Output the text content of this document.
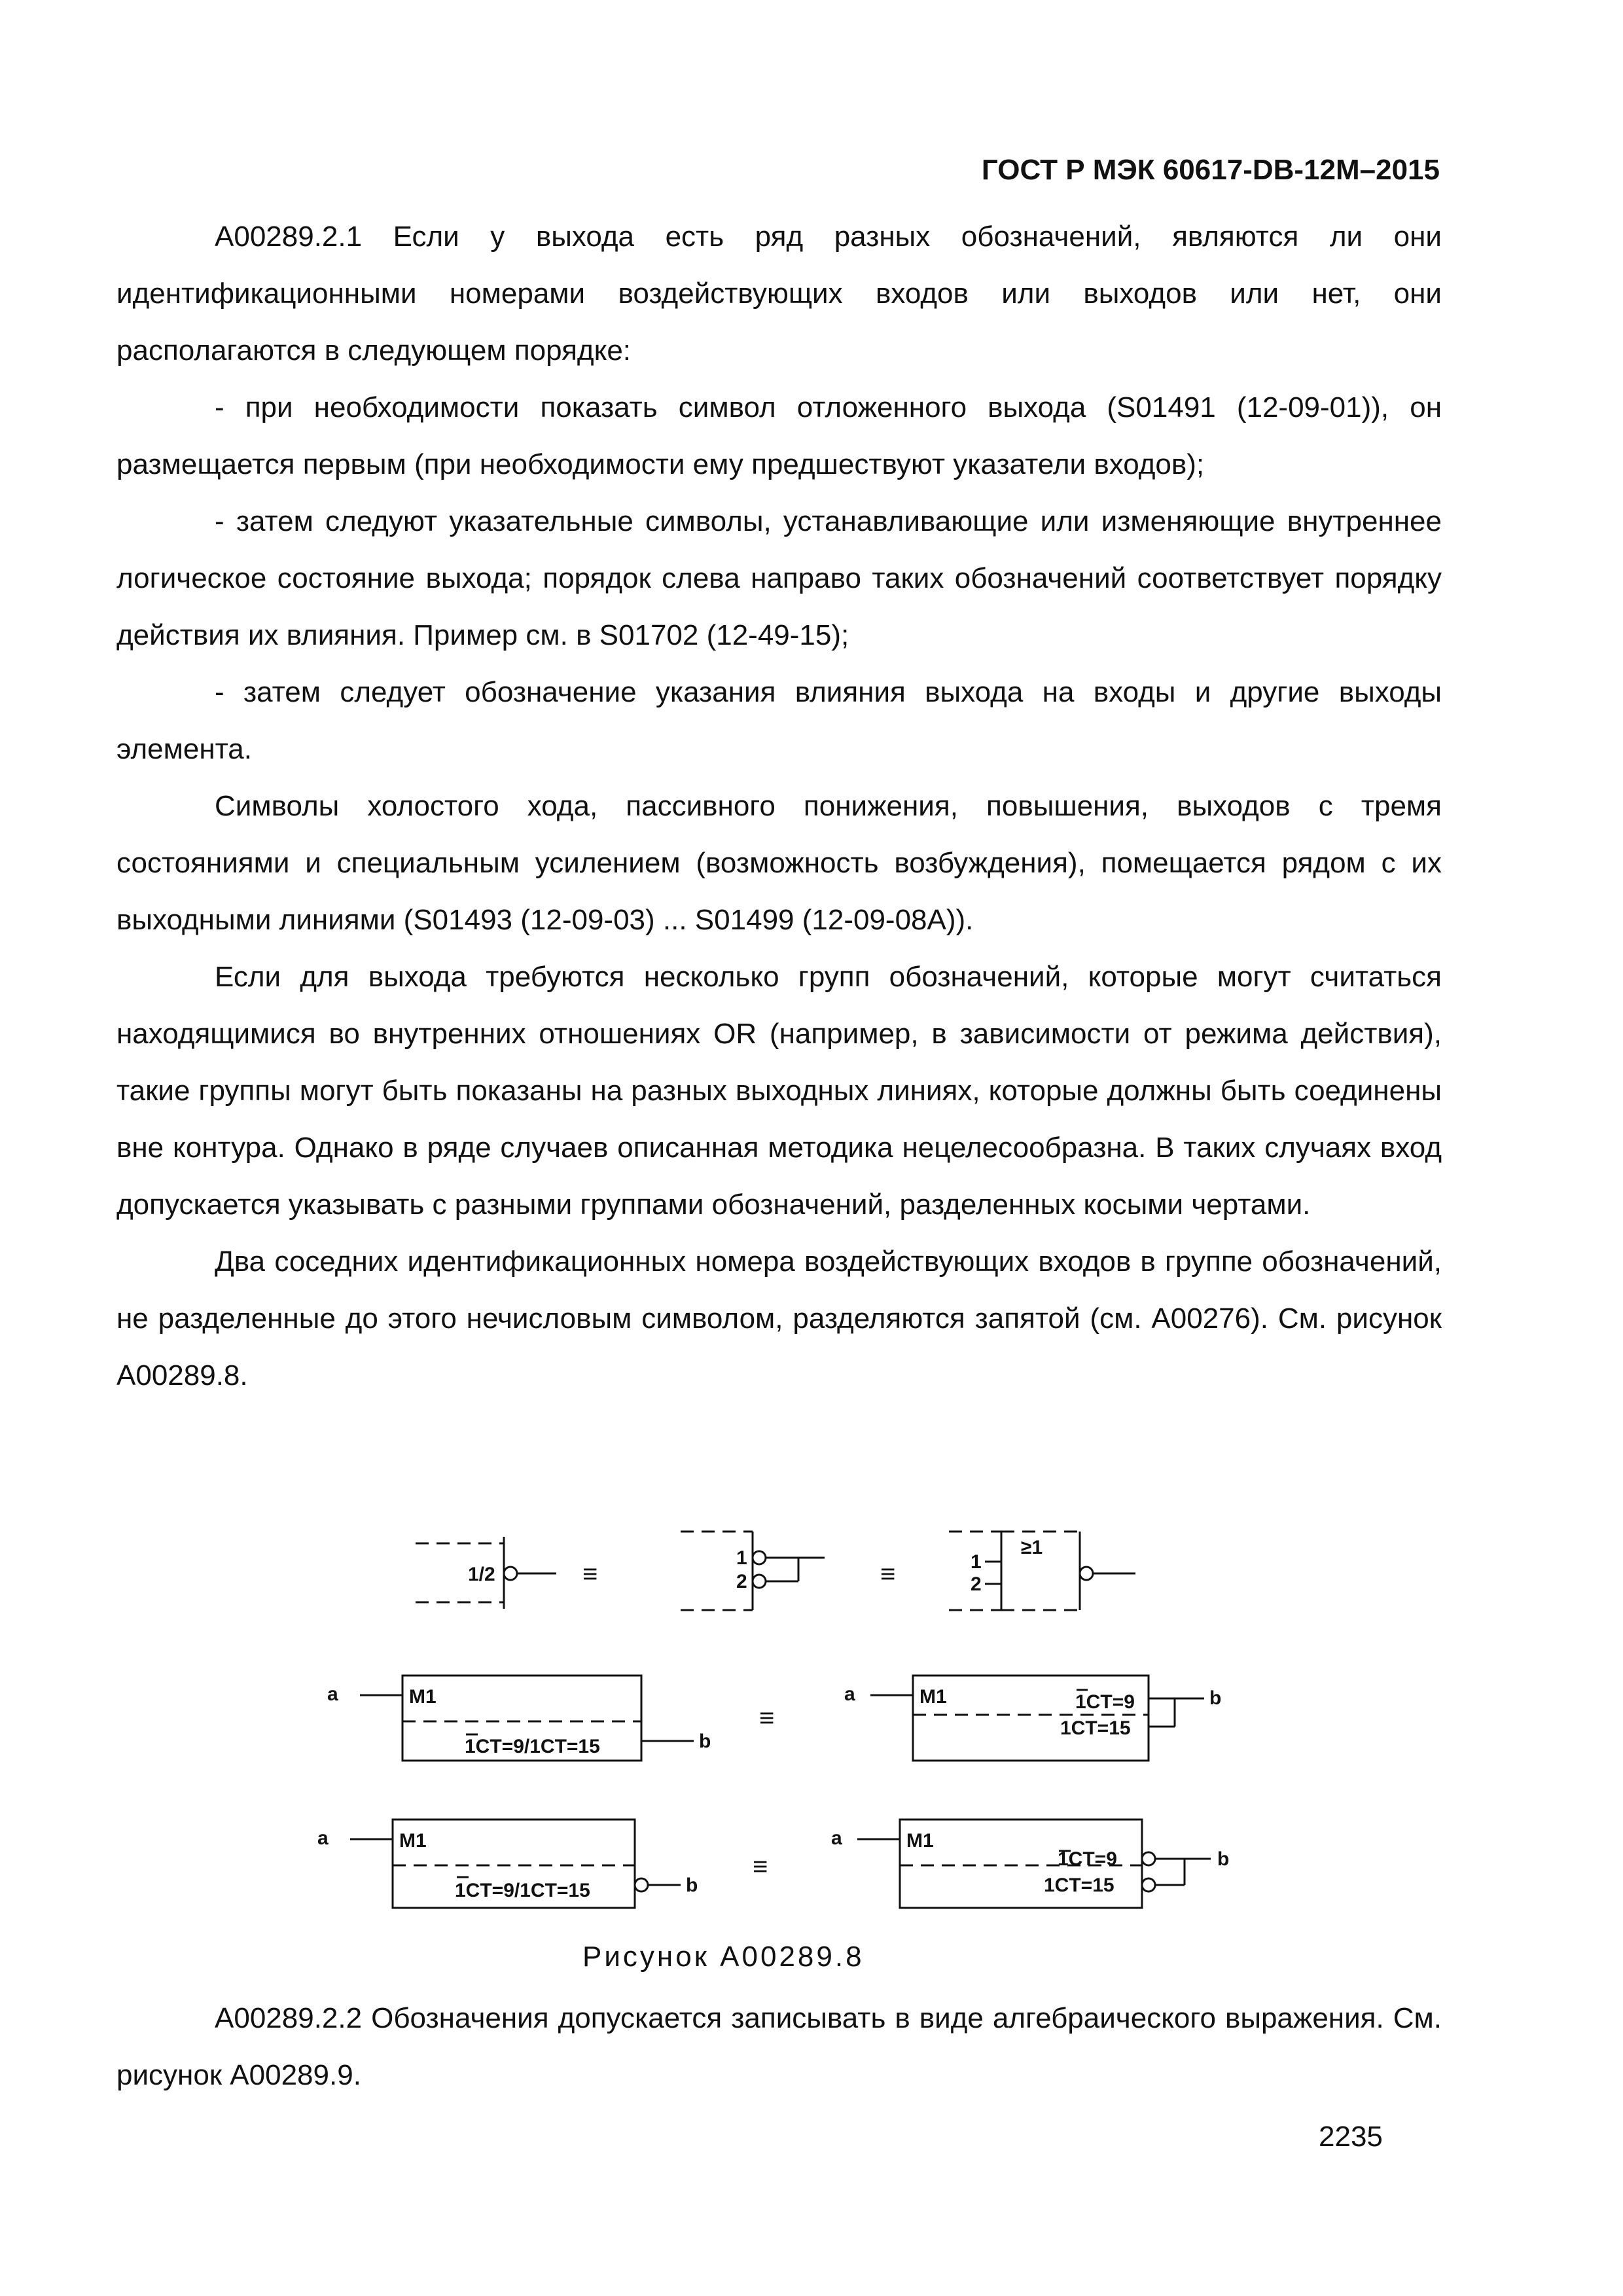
ГОСТ Р МЭК 60617-DB-12M–2015

А00289.2.1 Если у выхода есть ряд разных обозначений, являются ли они идентификационными номерами воздействующих входов или выходов или нет, они располагаются в следующем порядке:

- при необходимости показать символ отложенного выхода (S01491 (12-09-01)), он размещается первым (при необходимости ему предшествуют указатели входов);

- затем следуют указательные символы, устанавливающие или изменяющие внутреннее логическое состояние выхода; порядок слева направо таких обозначений соответствует порядку действия их влияния. Пример см. в S01702 (12-49-15);

- затем следует обозначение указания влияния выхода на входы и другие выходы элемента.

Символы холостого хода, пассивного понижения, повышения, выходов с тремя состояниями и специальным усилением (возможность возбуждения), помещается рядом с их выходными линиями (S01493 (12-09-03) ... S01499 (12-09-08A)).

Если для выхода требуются несколько групп обозначений, которые могут считаться находящимися во внутренних отношениях OR (например, в зависимости от режима действия), такие группы могут быть показаны на разных выходных линиях, которые должны быть соединены вне контура. Однако в ряде случаев описанная методика нецелесообразна. В таких случаях вход допускается указывать с разными группами обозначений, разделенных косыми чертами.

Два соседних идентификационных номера воздействующих входов в группе обозначений, не разделенные до этого нечисловым символом, разделяются запятой (см. А00276). См. рисунок А00289.8.

1/2	≡
1
2	≡	1
2
≥1
a	M1
1CT=9/1CT=15	b
≡
a	M1	1CT=9
1CT=15
b
a	M1
1CT=9/1CT=15	b
≡
a	M1
1CT=9
1CT=15
b
Рисунок А00289.8

А00289.2.2 Обозначения допускается записывать в виде алгебраического выражения. См. рисунок А00289.9.

2235
